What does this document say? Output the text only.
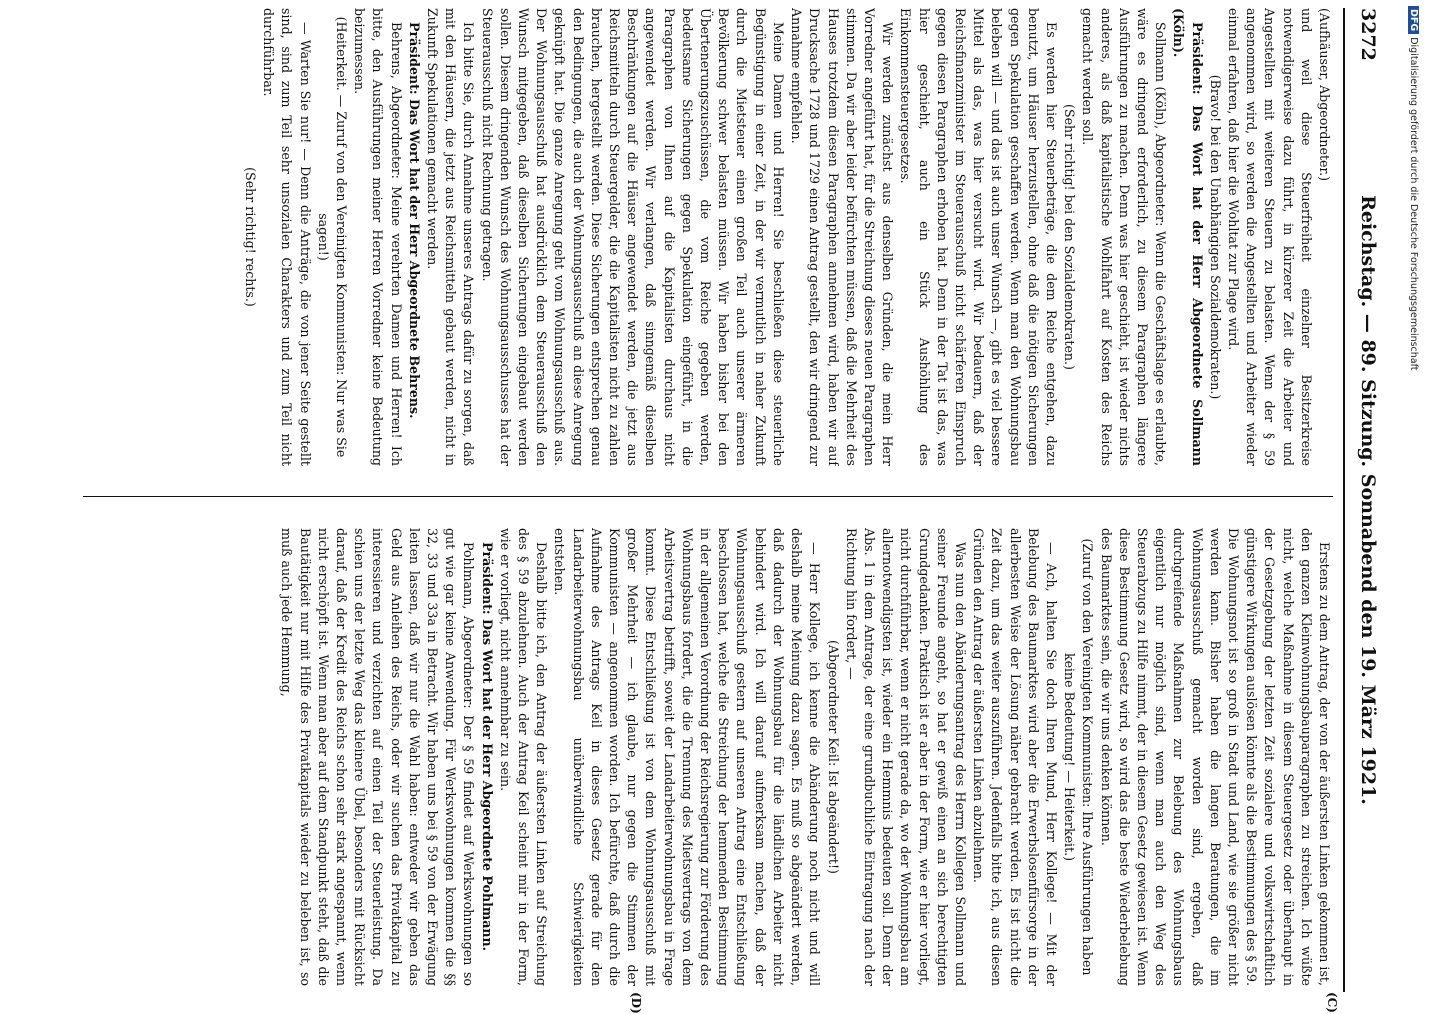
3272
Reichstag. — 89. Sitzung. Sonnabend den 19. März 1921.
(C)
(D)

(Aufhäuser, Abgeordneter.)

und weil diese Steuerfreiheit einzelner Besitzerkreise notwendigerweise dazu führt, in kürzerer Zeit die Arbeiter und Angestellten mit weiteren Steuern zu belasten. Wenn der § 59 angenommen wird, so werden die Angestellten und Arbeiter wieder einmal erfahren, daß hier die Wohltat zur Plage wird.

(Bravo! bei den Unabhängigen Sozialdemokraten.)

Präsident: Das Wort hat der Herr Abgeordnete Sollmann (Köln).

Sollmann (Köln), Abgeordneter: Wenn die Geschäftslage es erlaubte, wäre es dringend erforderlich, zu diesem Paragraphen längere Ausführungen zu machen. Denn was hier geschieht, ist wieder nichts anderes, als daß kapitalistische Wohlfahrt auf Kosten des Reichs gemacht werden soll.

(Sehr richtig! bei den Sozialdemokraten.)

Es werden hier Steuerbeträge, die dem Reiche entgehen, dazu benutzt, um Häuser herzustellen, ohne daß die nötigen Sicherungen gegen Spekulation geschaffen werden. Wenn man den Wohnungsbau beleben will — und das ist auch unser Wunsch —, gibt es viel bessere Mittel als das, was hier versucht wird. Wir bedauern, daß der Reichsfinanzminister im Steuerausschuß nicht schärferen Einspruch gegen diesen Paragraphen erhoben hat. Denn in der Tat ist das, was hier geschieht, auch ein Stück Aushöhlung des Einkommensteuergesetzes.

Wir werden zunächst aus denselben Gründen, die mein Herr Vorredner angeführt hat, für die Streichung dieses neuen Paragraphen stimmen. Da wir aber leider befürchten müssen, daß die Mehrheit des Hauses trotzdem diesen Paragraphen annehmen wird, haben wir auf Drucksache 1728 und 1729 einen Antrag gestellt, den wir dringend zur Annahme empfehlen.

Meine Damen und Herren! Sie beschließen diese steuerliche Begünstigung in einer Zeit, in der wir vermutlich in naher Zukunft durch die Mietsteuer einen großen Teil auch unserer ärmeren Bevölkerung schwer belasten müssen. Wir haben bisher bei den Übertenerungszuschüssen, die vom Reiche gegeben werden, bedeutsame Sicherungen gegen Spekulation eingeführt, in die Paragraphen von Ihnen auf die Kapitalisten durchaus nicht angewendet werden. Wir verlangen, daß sinngemäß dieselben Beschränkungen auf die Häuser angewendet werden, die jetzt aus Reichsmitteln durch Steuergelder, die die Kapitalisten nicht zu zahlen brauchen, hergestellt werden. Diese Sicherungen entsprechen genau den Bedingungen, die auch der Wohnungsausschuß an diese Anregung geknüpft hat. Die ganze Anregung geht vom Wohnungsausschuß aus. Der Wohnungsausschuß hat ausdrücklich dem Steuerausschuß den Wunsch mitgegeben, daß dieselben Sicherungen eingebaut werden sollen. Diesem dringenden Wunsch des Wohnungsausschusses hat der Steuerausschuß nicht Rechnung getragen.

Ich bitte Sie, durch Annahme unseres Antrags dafür zu sorgen, daß mit den Häusern, die jetzt aus Reichsmitteln gebaut werden, nicht in Zukunft Spekulationen gemacht werden.

Präsident: Das Wort hat der Herr Abgeordnete Behrens.

Behrens, Abgeordneter: Meine verehrten Damen und Herren! Ich bitte, den Ausführungen meiner Herren Vorredner keine Bedeutung beizumessen.

(Heiterkeit. — Zuruf von den Vereinigten Kommunisten: Nur was Sie sagen!)

— Warten Sie nur! — Denn die Anträge, die von jener Seite gestellt sind, sind zum Teil sehr unsozialen Charakters und zum Teil nicht durchführbar.

(Sehr richtig! rechts.)

Erstens zu dem Antrag, der von der äußersten Linken gekommen ist, den ganzen Kleinwohnungsbauparagraphen zu streichen. Ich wüßte nicht, welche Maßnahme in diesem Steuergesetz oder überhaupt in der Gesetzgebung der letzten Zeit sozialere und volkswirtschaftlich günstigere Wirkungen auslösen könnte als die Bestimmungen des § 59. Die Wohnungsnot ist so groß in Stadt und Land, wie sie größer nicht werden kann. Bisher haben die langen Beratungen, die im Wohnungsausschuß gemacht worden sind, ergeben, daß durchgreifende Maßnahmen zur Belebung des Wohnungsbaus eigentlich nur möglich sind, wenn man auch den Weg des Steuerabzugs zu Hilfe nimmt, der in diesem Gesetz gewiesen ist. Wenn diese Bestimmung Gesetz wird, so wird das die beste Wiederbelebung des Baumarktes sein, die wir uns denken können.

(Zuruf von den Vereinigten Kommunisten: Ihre Ausführungen haben keine Bedeutung! — Heiterkeit.)

— Ach, halten Sie doch Ihren Mund, Herr Kollege! — Mit der Belebung des Baumarktes wird aber die Erwerbslosenfürsorge in der allerbesten Weise der Lösung näher gebracht werden. Es ist nicht die Zeit dazu, um das weiter auszuführen. Jedenfalls bitte ich, aus diesen Gründen den Antrag der äußersten Linken abzulehnen.

Was nun den Abänderungsantrag des Herrn Kollegen Sollmann und seiner Freunde angeht, so hat er gewiß einen an sich berechtigten Grundgedanken. Praktisch ist er aber in der Form, wie er hier vorliegt, nicht durchführbar, wenn er nicht gerade da, wo der Wohnungsbau am allernotwendigsten ist, wieder ein Hemmnis bedeuten soll. Denn der Abs. 1 in dem Antrage, der eine grundbuchliche Eintragung nach der Richtung hin fordert, —

(Abgeordneter Keil: Ist abgeändert!)

— Herr Kollege, ich kenne die Abänderung noch nicht und will deshalb meine Meinung dazu sagen. Es muß so abgeändert werden, daß dadurch der Wohnungsbau für die ländlichen Arbeiter nicht behindert wird. Ich will darauf aufmerksam machen, daß der Wohnungsausschuß gestern auf unseren Antrag eine Entschließung beschlossen hat, welche die Streichung der hemmenden Bestimmung in der allgemeinen Verordnung der Reichsregierung zur Förderung des Wohnungsbaus fordert, die die Trennung des Mietsvertrags von dem Arbeitsvertrag betrifft, soweit der Landarbeiterwohnungsbau in Frage kommt. Diese Entschließung ist von dem Wohnungsausschuß mit großer Mehrheit — ich glaube, nur gegen die Stimmen der Kommunisten — angenommen worden. Ich befürchte, daß durch die Aufnahme des Antrags Keil in dieses Gesetz gerade für den Landarbeiterwohnungsbau unüberwindliche Schwierigkeiten entstehen.

Deshalb bitte ich, den Antrag der äußersten Linken auf Streichung des § 59 abzulehnen. Auch der Antrag Keil scheint mir in der Form, wie er vorliegt, nicht annehmbar zu sein.

Präsident: Das Wort hat der Herr Abgeordnete Pohlmann.

Pohlmann, Abgeordneter: Der § 59 findet auf Werkswohnungen so gut wie gar keine Anwendung. Für Werkswohnungen kommen die §§ 32, 33 und 33a in Betracht. Wir haben uns bei § 59 von der Erwägung leiten lassen, daß wir nur die Wahl haben: entweder wir geben das Geld aus Anleihen des Reichs, oder wir suchen das Privatkapital zu interessieren und verzichten auf einen Teil der Steuerleistung. Da schien uns der letzte Weg das kleinere Übel, besonders mit Rücksicht darauf, daß der Kredit des Reichs schon sehr stark angespannt, wenn nicht erschöpft ist. Wenn man aber auf dem Standpunkt steht, daß die Bautätigkeit nur mit Hilfe des Privatkapitals wieder zu beleben ist, so muß auch jede Hemmung,

DFG Digitalisierung gefördert durch die Deutsche Forschungsgemeinschaft
